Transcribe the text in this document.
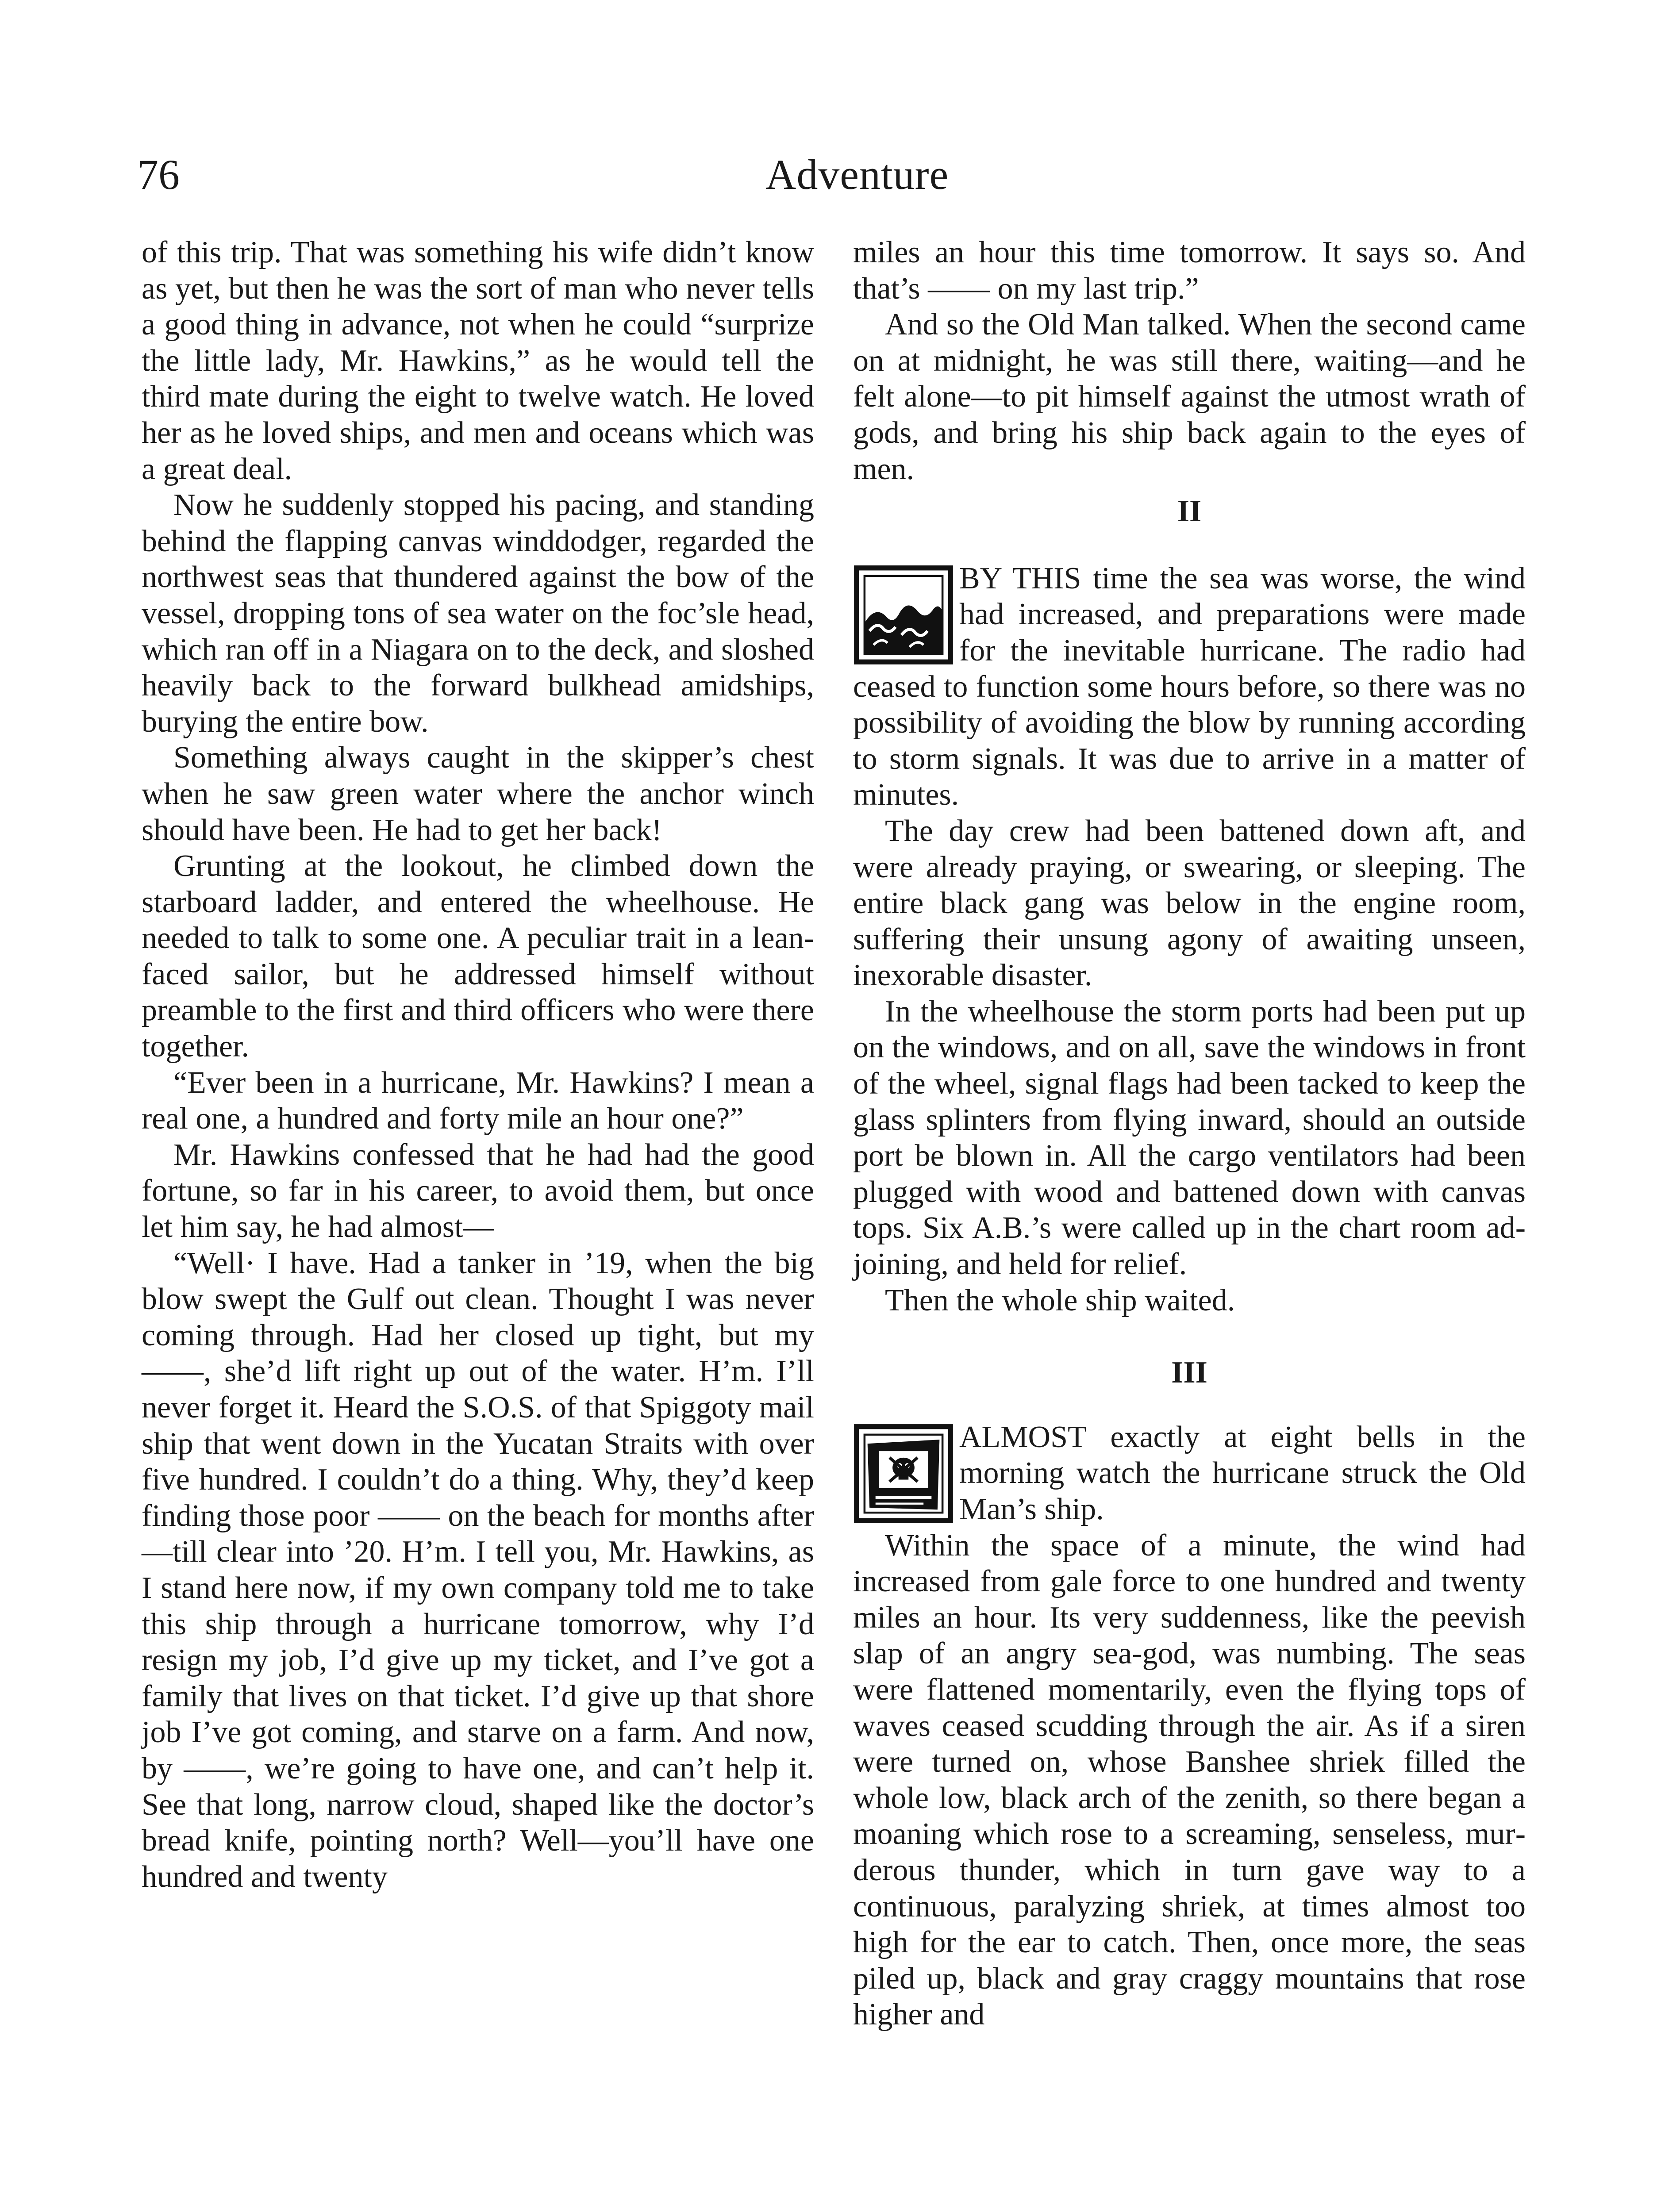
76	Adventure

of this trip. That was something his wife didn’t know as yet, but then he was the sort of man who never tells a good thing in advance, not when he could “surprize the little lady, Mr. Hawkins,” as he would tell the third mate during the eight to twelve watch. He loved her as he loved ships, and men and oceans which was a great deal.

Now he suddenly stopped his pacing, and standing behind the flapping canvas winddodger, regarded the northwest seas that thundered against the bow of the vessel, dropping tons of sea water on the foc’sle head, which ran off in a Niagara on to the deck, and sloshed heavily back to the forward bulkhead amidships, burying the entire bow.

Something always caught in the skipper’s chest when he saw green water where the anchor winch should have been. He had to get her back!

Grunting at the lookout, he climbed down the starboard ladder, and entered the wheelhouse. He needed to talk to some one. A peculiar trait in a lean-faced sailor, but he addressed himself without preamble to the first and third officers who were there together.

“Ever been in a hurricane, Mr. Hawkins? I mean a real one, a hundred and forty mile an hour one?”

Mr. Hawkins confessed that he had had the good fortune, so far in his career, to avoid them, but once let him say, he had almost—

“Well· I have. Had a tanker in ’19, when the big blow swept the Gulf out clean. Thought I was never coming through. Had her closed up tight, but my ——, she’d lift right up out of the water. H’m. I’ll never forget it. Heard the S.O.S. of that Spiggoty mail ship that went down in the Yucatan Straits with over five hundred. I couldn’t do a thing. Why, they’d keep finding those poor —— on the beach for months after—till clear into ’20. H’m. I tell you, Mr. Hawkins, as I stand here now, if my own company told me to take this ship through a hurricane tomorrow, why I’d resign my job, I’d give up my ticket, and I’ve got a family that lives on that ticket. I’d give up that shore job I’ve got coming, and starve on a farm. And now, by ——, we’re going to have one, and can’t help it. See that long, narrow cloud, shaped like the doctor’s bread knife, pointing north? Well—you’ll have one hundred and twenty

miles an hour this time tomorrow. It says so. And that’s —— on my last trip.”

And so the Old Man talked. When the second came on at midnight, he was still there, waiting—and he felt alone—to pit himself against the utmost wrath of gods, and bring his ship back again to the eyes of men.

II

BY THIS time the sea was worse, the wind had increased, and preparations were made for the inevitable hurricane. The radio had ceased to function some hours before, so there was no possibility of avoiding the blow by running according to storm signals. It was due to arrive in a matter of minutes.

The day crew had been battened down aft, and were already praying, or swearing, or sleeping. The entire black gang was below in the engine room, suffering their unsung agony of awaiting unseen, inexorable disaster.

In the wheelhouse the storm ports had been put up on the windows, and on all, save the windows in front of the wheel, signal flags had been tacked to keep the glass splinters from flying inward, should an outside port be blown in. All the cargo ventilators had been plugged with wood and battened down with canvas tops. Six A.B.’s were called up in the chart room adjoining, and held for relief.

Then the whole ship waited.

III

ALMOST exactly at eight bells in the morning watch the hurricane struck the Old Man’s ship.

Within the space of a minute, the wind had increased from gale force to one hundred and twenty miles an hour. Its very suddenness, like the peevish slap of an angry sea-god, was numbing. The seas were flattened momentarily, even the flying tops of waves ceased scudding through the air. As if a siren were turned on, whose Banshee shriek filled the whole low, black arch of the zenith, so there began a moaning which rose to a screaming, senseless, murderous thunder, which in turn gave way to a continuous, paralyzing shriek, at times almost too high for the ear to catch. Then, once more, the seas piled up, black and gray craggy mountains that rose higher and
